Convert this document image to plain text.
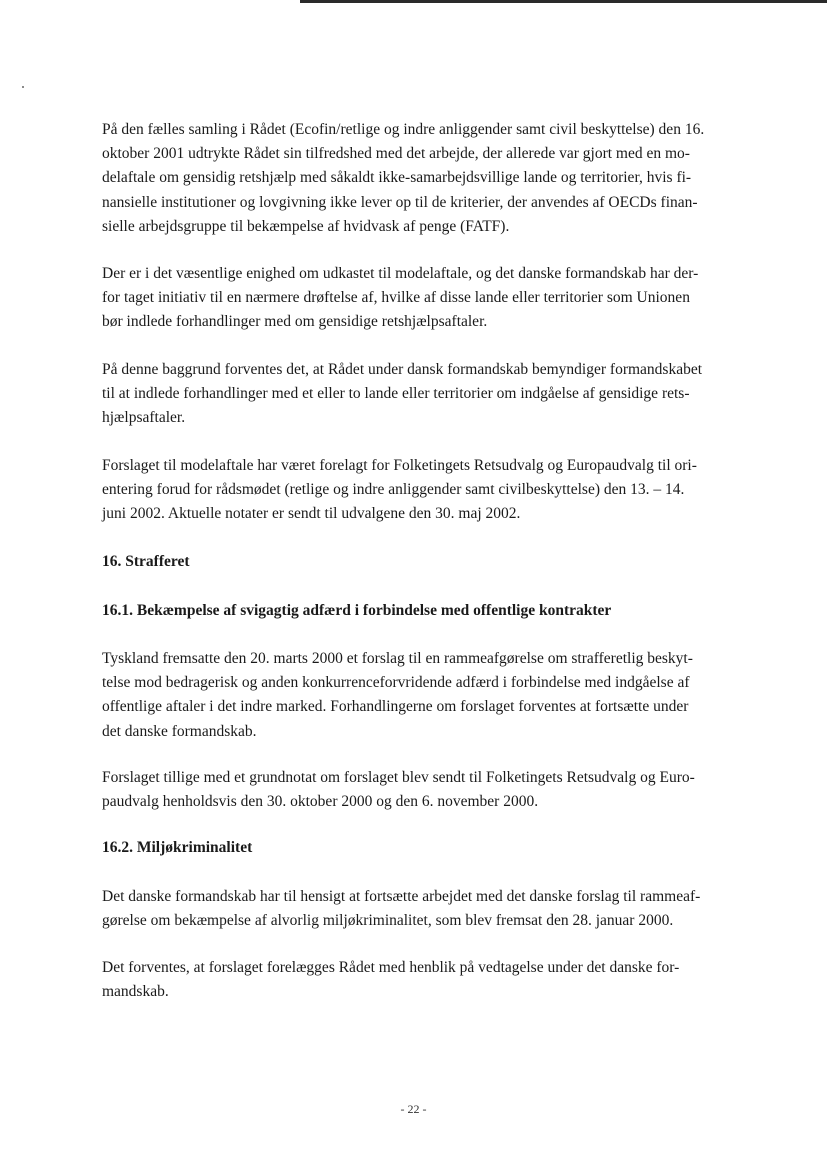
På den fælles samling i Rådet (Ecofin/retlige og indre anliggender samt civil beskyttelse) den 16.

oktober 2001 udtrykte Rådet sin tilfredshed med det arbejde, der allerede var gjort med en mo-

delaftale om gensidig retshjælp med såkaldt ikke-samarbejdsvillige lande og territorier, hvis fi-

nansielle institutioner og lovgivning ikke lever op til de kriterier, der anvendes af OECDs finan-

sielle arbejdsgruppe til bekæmpelse af hvidvask af penge (FATF).

Der er i det væsentlige enighed om udkastet til modelaftale, og det danske formandskab har der-

for taget initiativ til en nærmere drøftelse af, hvilke af disse lande eller territorier som Unionen

bør indlede forhandlinger med om gensidige retshjælpsaftaler.

På denne baggrund forventes det, at Rådet under dansk formandskab bemyndiger formandskabet

til at indlede forhandlinger med et eller to lande eller territorier om indgåelse af gensidige rets-

hjælpsaftaler.

Forslaget til modelaftale har været forelagt for Folketingets Retsudvalg og Europaudvalg til ori-

entering forud for rådsmødet (retlige og indre anliggender samt civilbeskyttelse) den 13. – 14.

juni 2002. Aktuelle notater er sendt til udvalgene den 30. maj 2002.

16. Strafferet

16.1. Bekæmpelse af svigagtig adfærd i forbindelse med offentlige kontrakter

Tyskland fremsatte den 20. marts 2000 et forslag til en rammeafgørelse om strafferetlig beskyt-

telse mod bedragerisk og anden konkurrenceforvridende adfærd i forbindelse med indgåelse af

offentlige aftaler i det indre marked. Forhandlingerne om forslaget forventes at fortsætte under

det danske formandskab.

Forslaget tillige med et grundnotat om forslaget blev sendt til Folketingets Retsudvalg og Euro-

paudvalg henholdsvis den 30. oktober 2000 og den 6. november 2000.

16.2. Miljøkriminalitet

Det danske formandskab har til hensigt at fortsætte arbejdet med det danske forslag til rammeaf-

gørelse om bekæmpelse af alvorlig miljøkriminalitet, som blev fremsat den 28. januar 2000.

Det forventes, at forslaget forelægges Rådet med henblik på vedtagelse under det danske for-

mandskab.

- 22 -
